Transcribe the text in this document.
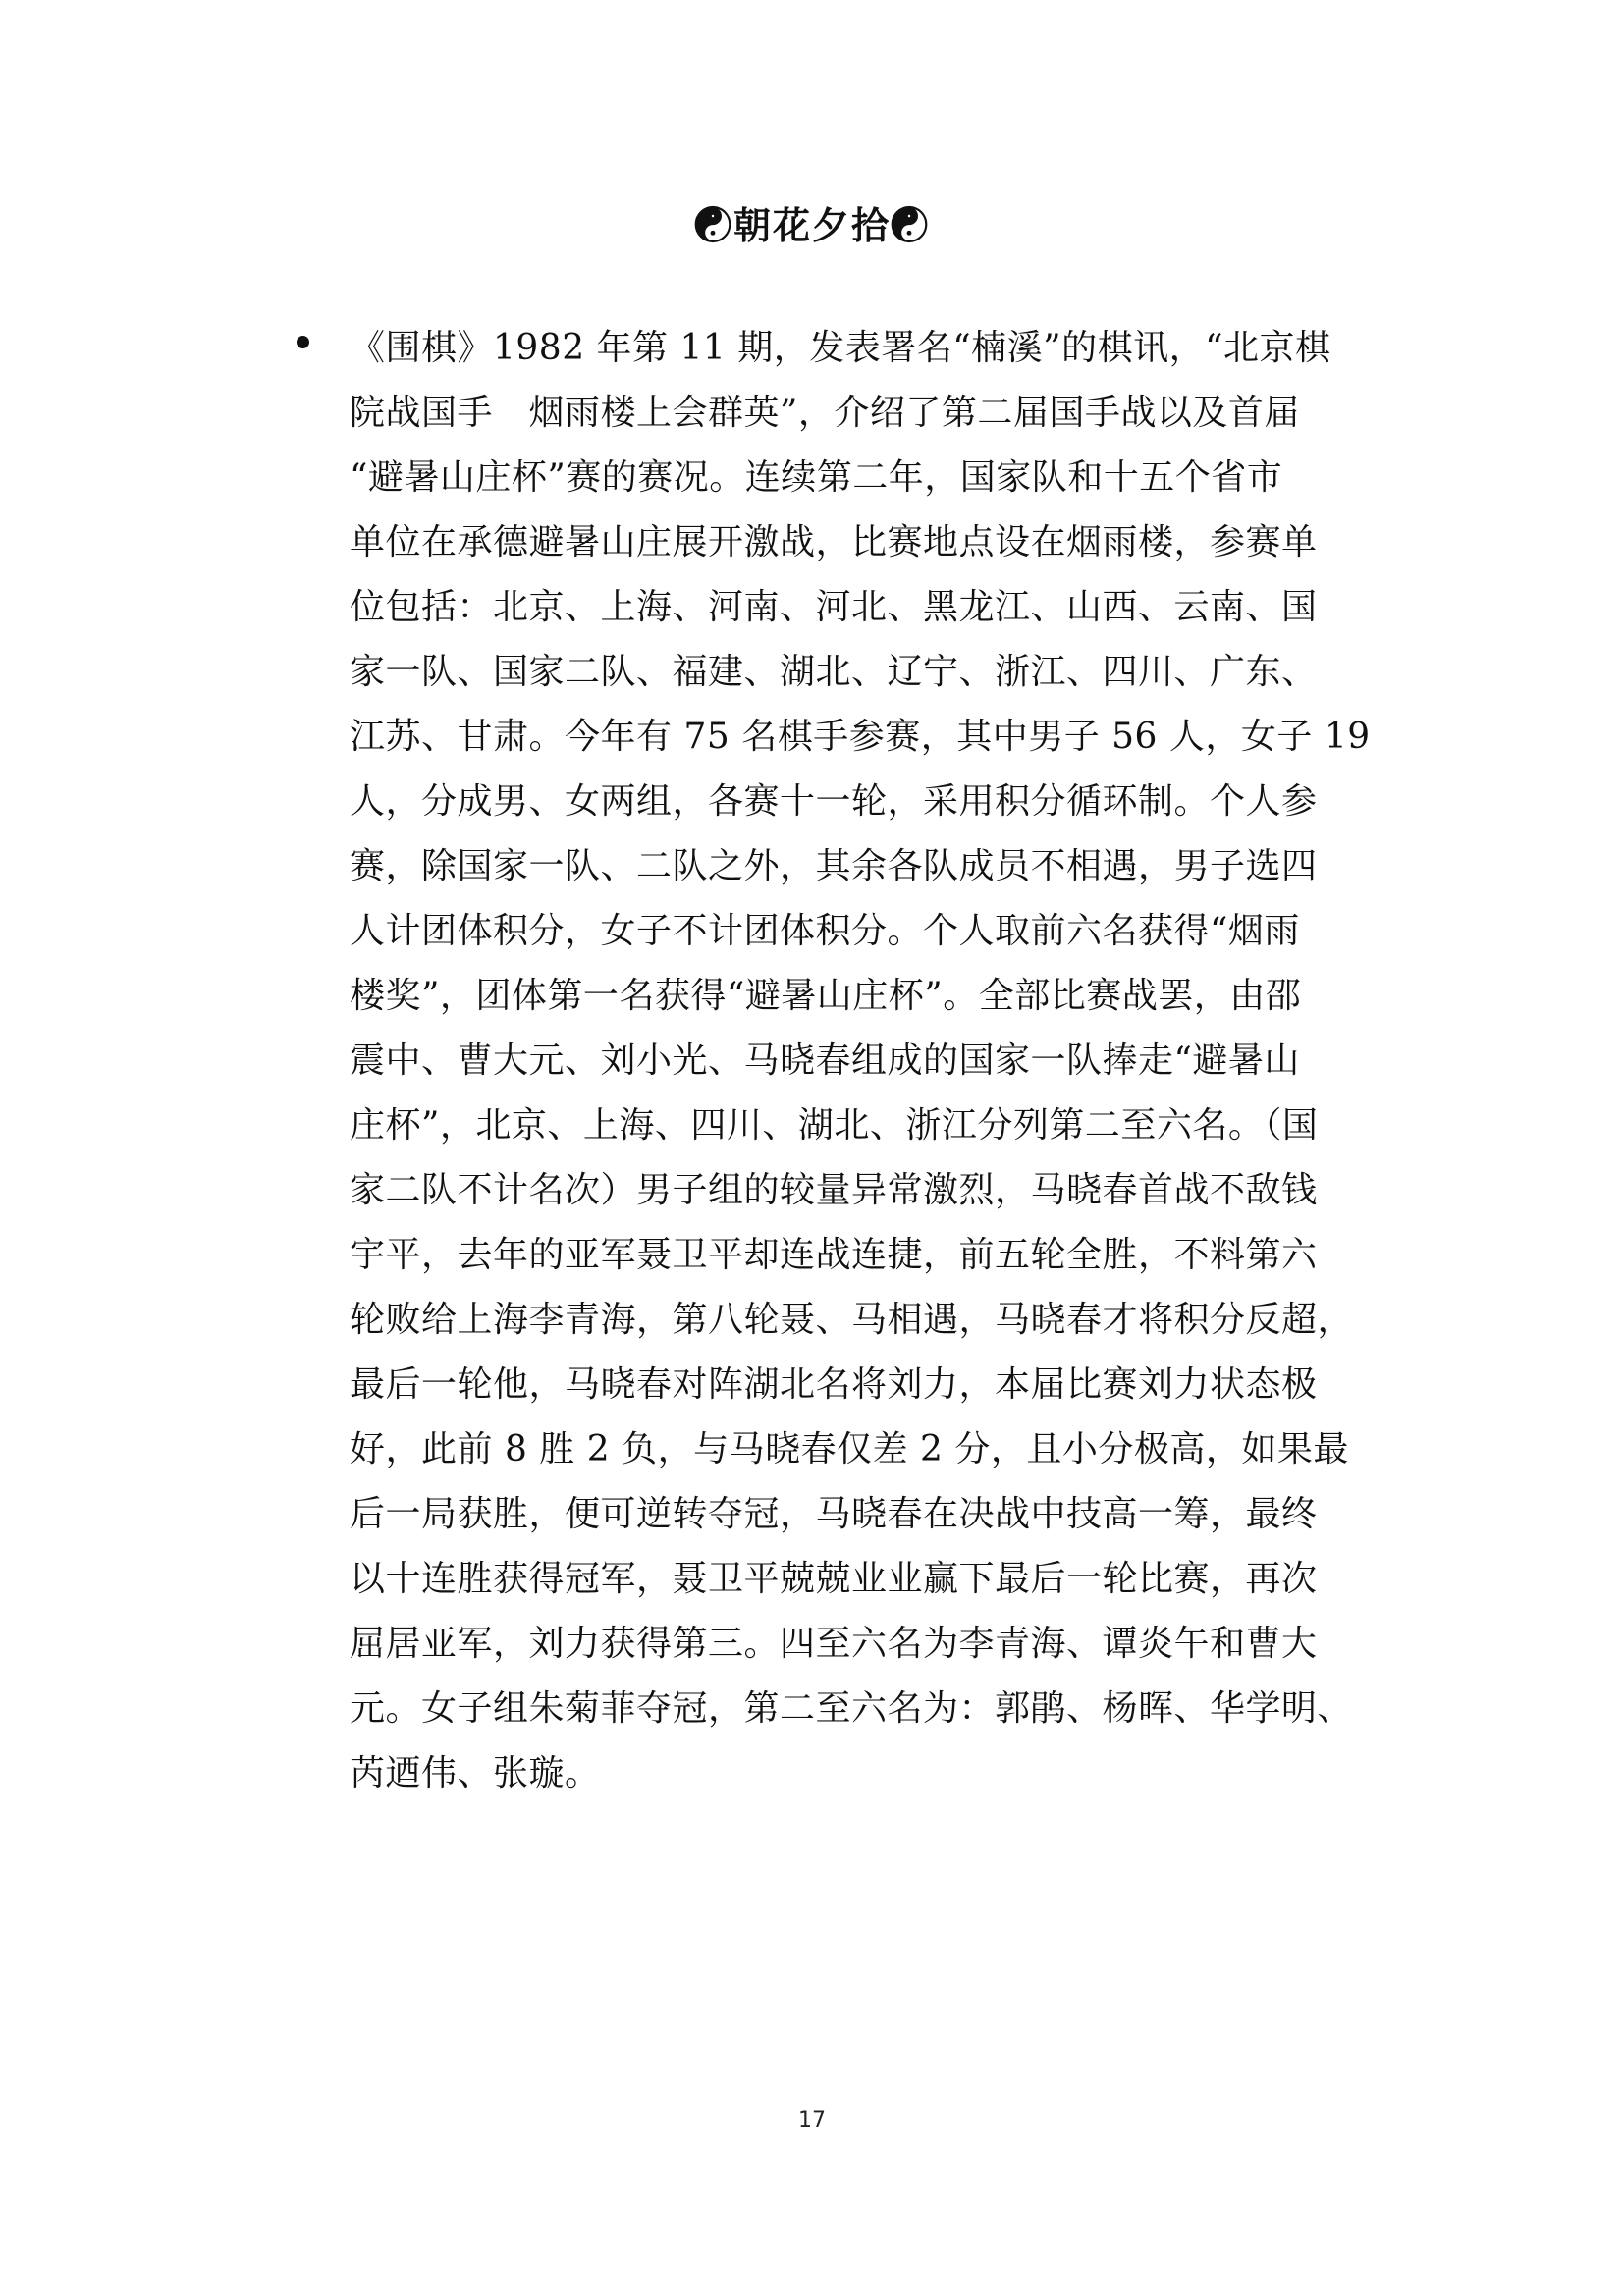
☯朝花夕拾☯
《围棋》1982 年第 11 期，发表署名“楠溪”的棋讯，“北京棋
院战国手　烟雨楼上会群英”，介绍了第二届国手战以及首届
“避暑山庄杯”赛的赛况。连续第二年，国家队和十五个省市
单位在承德避暑山庄展开激战，比赛地点设在烟雨楼，参赛单
位包括：北京、上海、河南、河北、黑龙江、山西、云南、国
家一队、国家二队、福建、湖北、辽宁、浙江、四川、广东、
江苏、甘肃。今年有 75 名棋手参赛，其中男子 56 人，女子 19
人，分成男、女两组，各赛十一轮，采用积分循环制。个人参
赛，除国家一队、二队之外，其余各队成员不相遇，男子选四
人计团体积分，女子不计团体积分。个人取前六名获得“烟雨
楼奖”，团体第一名获得“避暑山庄杯”。全部比赛战罢，由邵
震中、曹大元、刘小光、马晓春组成的国家一队捧走“避暑山
庄杯”，北京、上海、四川、湖北、浙江分列第二至六名。（国
家二队不计名次）男子组的较量异常激烈，马晓春首战不敌钱
宇平，去年的亚军聂卫平却连战连捷，前五轮全胜，不料第六
轮败给上海李青海，第八轮聂、马相遇，马晓春才将积分反超，
最后一轮他，马晓春对阵湖北名将刘力，本届比赛刘力状态极
好，此前 8 胜 2 负，与马晓春仅差 2 分，且小分极高，如果最
后一局获胜，便可逆转夺冠，马晓春在决战中技高一筹，最终
以十连胜获得冠军，聂卫平兢兢业业赢下最后一轮比赛，再次
屈居亚军，刘力获得第三。四至六名为李青海、谭炎午和曹大
元。女子组朱菊菲夺冠，第二至六名为：郭鹃、杨晖、华学明、
芮迺伟、张璇。
17
